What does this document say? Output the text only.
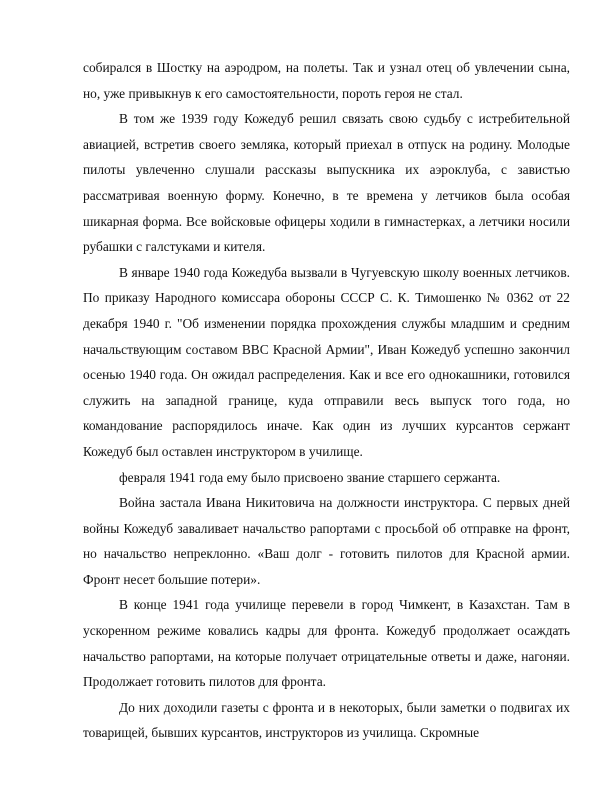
собирался в Шостку на аэродром, на полеты. Так и узнал отец об увлечении сына, но, уже привыкнув к его самостоятельности, пороть героя не стал.

В том же 1939 году Кожедуб решил связать свою судьбу с истребительной авиацией, встретив своего земляка, который приехал в отпуск на родину. Молодые пилоты увлеченно слушали рассказы выпускника их аэроклуба, с завистью рассматривая военную форму. Конечно, в те времена у летчиков была особая шикарная форма. Все войсковые офицеры ходили в гимнастерках, а летчики носили рубашки с галстуками и кителя.

В январе 1940 года Кожедуба вызвали в Чугуевскую школу военных летчиков. По приказу Народного комиссара обороны СССР С. К. Тимошенко № 0362 от 22 декабря 1940 г. "Об изменении порядка прохождения службы младшим и средним начальствующим составом ВВС Красной Армии", Иван Кожедуб успешно закончил осенью 1940 года. Он ожидал распределения. Как и все его однокашники, готовился служить на западной границе, куда отправили весь выпуск того года, но командование распорядилось иначе. Как один из лучших курсантов сержант Кожедуб был оставлен инструктором в училище.

февраля 1941 года ему было присвоено звание старшего сержанта.

Война застала Ивана Никитовича на должности инструктора. С первых дней войны Кожедуб заваливает начальство рапортами с просьбой об отправке на фронт, но начальство непреклонно. «Ваш долг - готовить пилотов для Красной армии. Фронт несет большие потери».

В конце 1941 года училище перевели в город Чимкент, в Казахстан. Там в ускоренном режиме ковались кадры для фронта. Кожедуб продолжает осаждать начальство рапортами, на которые получает отрицательные ответы и даже, нагоняи. Продолжает готовить пилотов для фронта.

До них доходили газеты с фронта и в некоторых, были заметки о подвигах их товарищей, бывших курсантов, инструкторов из училища. Скромные
